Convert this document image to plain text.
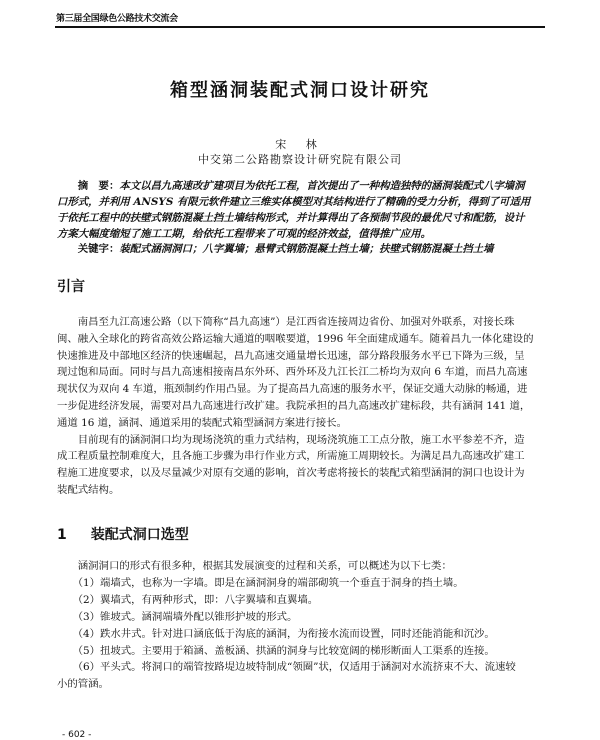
第三届全国绿色公路技术交流会
箱型涵洞装配式洞口设计研究
宋 林
中交第二公路勘察设计研究院有限公司
　　摘　要：本文以昌九高速改扩建项目为依托工程，首次提出了一种构造独特的涵洞装配式八字墙洞
口形式，并利用 ANSYS 有限元软件建立三维实体模型对其结构进行了精确的受力分析，得到了可适用
于依托工程中的扶壁式钢筋混凝土挡土墙结构形式，并计算得出了各预制节段的最优尺寸和配筋，设计
方案大幅度缩短了施工工期，给依托工程带来了可观的经济效益，值得推广应用。
　　关键字：装配式涵洞洞口；八字翼墙；悬臂式钢筋混凝土挡土墙；扶壁式钢筋混凝土挡土墙
引言
　　南昌至九江高速公路（以下简称“昌九高速”）是江西省连接周边省份、加强对外联系，对接长珠
闽、融入全球化的跨省高效公路运输大通道的咽喉要道，1996 年全面建成通车。随着昌九一体化建设的
快速推进及中部地区经济的快速崛起，昌九高速交通量增长迅速，部分路段服务水平已下降为三级，呈
现过饱和局面。同时与昌九高速相接南昌东外环、西外环及九江长江二桥均为双向 6 车道，而昌九高速
现状仅为双向 4 车道，瓶颈制约作用凸显。为了提高昌九高速的服务水平，保证交通大动脉的畅通，进
一步促进经济发展，需要对昌九高速进行改扩建。我院承担的昌九高速改扩建标段，共有涵洞 141 道，
通道 16 道，涵洞、通道采用的装配式箱型涵洞方案进行接长。
　　目前现有的涵洞洞口均为现场浇筑的重力式结构，现场浇筑施工工点分散，施工水平参差不齐，造
成工程质量控制难度大，且各施工步骤为串行作业方式，所需施工周期较长。为满足昌九高速改扩建工
程施工进度要求，以及尽量减少对原有交通的影响，首次考虑将接长的装配式箱型涵洞的洞口也设计为
装配式结构。
1 装配式洞口选型
　　涵洞洞口的形式有很多种，根据其发展演变的过程和关系，可以概述为以下七类：
　　（1）端墙式，也称为一字墙。即是在涵洞洞身的端部砌筑一个垂直于洞身的挡土墙。
　　（2）翼墙式，有两种形式，即：八字翼墙和直翼墙。
　　（3）锥坡式。涵洞端墙外配以锥形护坡的形式。
　　（4）跌水井式。针对进口涵底低于沟底的涵洞，为衔接水流而设置，同时还能消能和沉沙。
　　（5）扭坡式。主要用于箱涵、盖板涵、拱涵的洞身与比较宽阔的梯形断面人工渠系的连接。
　　（6）平头式。将洞口的端管按路堤边坡特制成“领圈”状，仅适用于涵洞对水流挤束不大、流速较
小的管涵。
- 602 -
